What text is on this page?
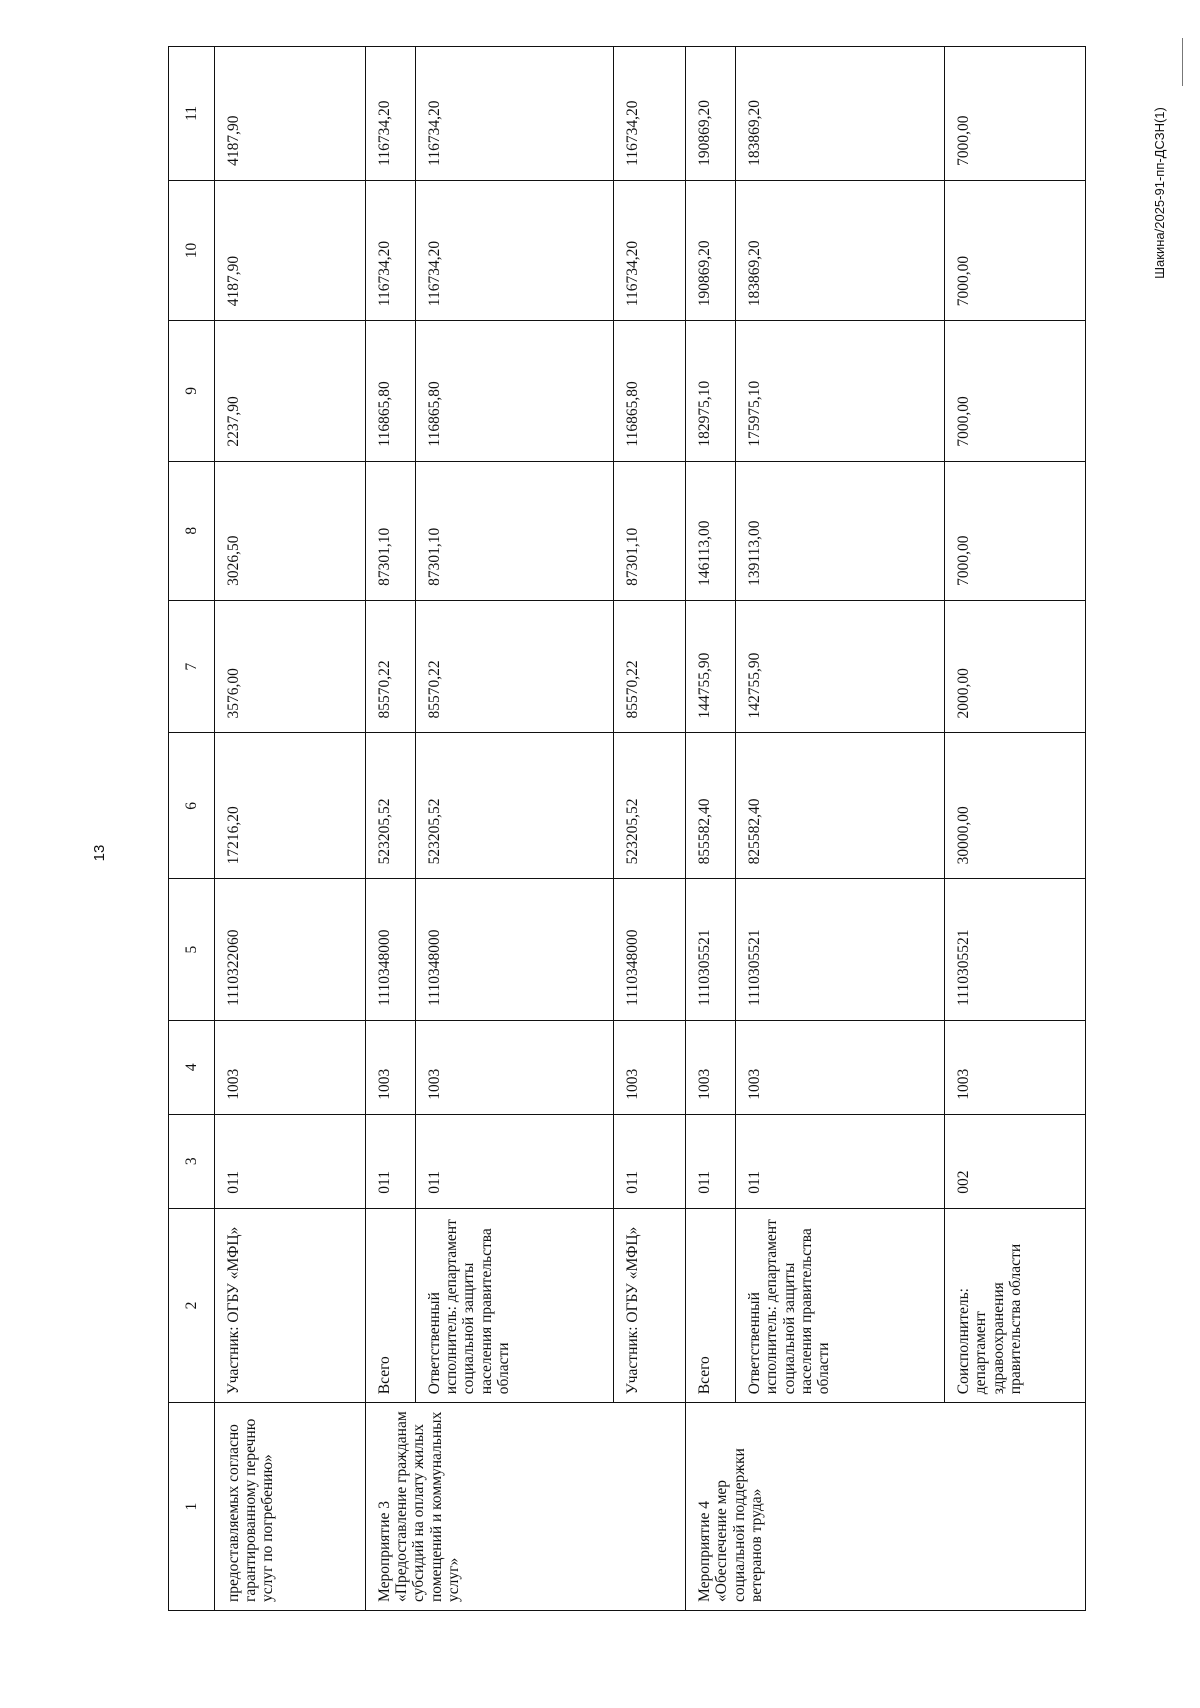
13
Шакина/2025-91-пп-ДСЗН(1)
1	2	3	4	5	6	7	8	9	10	11
предоставляемых согласно гарантированному перечню услуг по погребению»	Участник: ОГБУ «МФЦ»	011	1003	1110322060	17216,20	3576,00	3026,50	2237,90	4187,90	4187,90
Мероприятие 3 «Предоставление гражданам субсидий на оплату жилых помещений и коммунальных услуг»	Всего	011	1003	1110348000	523205,52	85570,22	87301,10	116865,80	116734,20	116734,20
	Ответственный исполнитель: департамент социальной защиты населения правительства области	011	1003	1110348000	523205,52	85570,22	87301,10	116865,80	116734,20	116734,20
	Участник: ОГБУ «МФЦ»	011	1003	1110348000	523205,52	85570,22	87301,10	116865,80	116734,20	116734,20
Мероприятие 4 «Обеспечение мер социальной поддержки ветеранов труда»	Всего	011	1003	1110305521	855582,40	144755,90	146113,00	182975,10	190869,20	190869,20
	Ответственный исполнитель: департамент социальной защиты населения правительства области	011	1003	1110305521	825582,40	142755,90	139113,00	175975,10	183869,20	183869,20
	Соисполнитель: департамент здравоохранения правительства области	002	1003	1110305521	30000,00	2000,00	7000,00	7000,00	7000,00	7000,00
